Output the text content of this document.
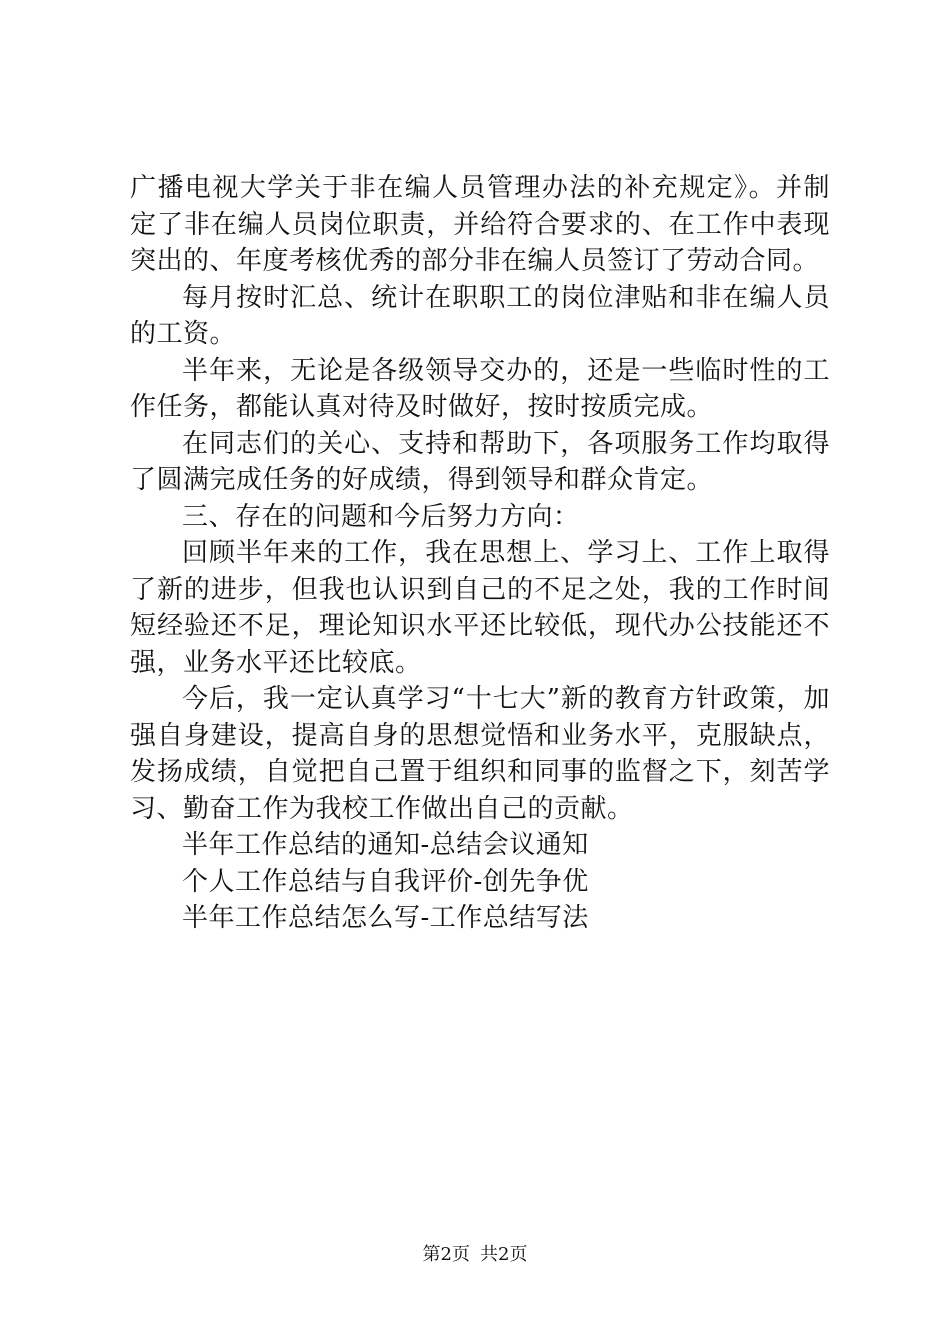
广播电视大学关于非在编人员管理办法的补充规定》。并制定了非在编人员岗位职责，并给符合要求的、在工作中表现突出的、年度考核优秀的部分非在编人员签订了劳动合同。

每月按时汇总、统计在职职工的岗位津贴和非在编人员的工资。

半年来，无论是各级领导交办的，还是一些临时性的工作任务，都能认真对待及时做好，按时按质完成。

在同志们的关心、支持和帮助下，各项服务工作均取得了圆满完成任务的好成绩，得到领导和群众肯定。

三、存在的问题和今后努力方向：

回顾半年来的工作，我在思想上、学习上、工作上取得了新的进步，但我也认识到自己的不足之处，我的工作时间短经验还不足，理论知识水平还比较低，现代办公技能还不强，业务水平还比较底。

今后，我一定认真学习“十七大”新的教育方针政策，加强自身建设，提高自身的思想觉悟和业务水平，克服缺点，发扬成绩，自觉把自己置于组织和同事的监督之下，刻苦学习、勤奋工作为我校工作做出自己的贡献。

半年工作总结的通知-总结会议通知
个人工作总结与自我评价-创先争优
半年工作总结怎么写-工作总结写法
第2页 共2页
